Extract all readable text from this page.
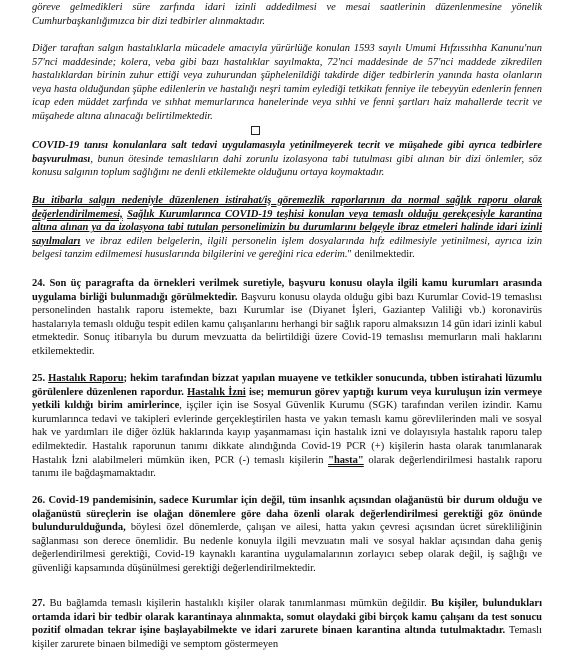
göreve gelmedikleri süre zarfında idari izinli addedilmesi ve mesai saatlerinin düzenlenmesine yönelik Cumhurbaşkanlığımızca bir dizi tedbirler alınmaktadır.

Diğer taraftan salgın hastalıklarla mücadele amacıyla yürürlüğe konulan 1593 sayılı Umumi Hıfzıssıhha Kanunu'nun 57'nci maddesinde; kolera, veba gibi bazı hastalıklar sayılmakta, 72'nci maddesinde de 57'nci maddede zikredilen hastalıklardan birinin zuhur ettiği veya zuhurundan şüphelenildiği takdirde diğer tedbirlerin yanında hasta olanların veya hasta olduğundan şüphe edilenlerin ve hastalığı neşri tamim eylediği tetkikatı fenniye ile tebeyyün edenlerin fennen icap eden müddet zarfında ve sıhhat memurlarınca hanelerinde veya sıhhi ve fenni şartları haiz mahallerde tecrit ve müşahede altına alınacağı belirtilmektedir.

COVID-19 tanısı konulanlara salt tedavi uygulamasıyla yetinilmeyerek tecrit ve müşahede gibi ayrıca tedbirlere başvurulması, bunun ötesinde temaslıların dahi zorunlu izolasyona tabi tutulması gibi alınan bir dizi önlemler, söz konusu salgının toplum sağlığını ne denli etkilemekte olduğunu ortaya koymaktadır.

Bu itibarla salgın nedeniyle düzenlenen istirahat/iş göremezlik raporlarının da normal sağlık raporu olarak değerlendirilmemesi, Sağlık Kurumlarınca COVID-19 teşhisi konulan veya temaslı olduğu gerekçesiyle karantina altına alınan ya da izolasyona tabi tutulan personelimizin bu durumlarını belgeyle ibraz etmeleri halinde idari izinli sayılmaları ve ibraz edilen belgelerin, ilgili personelin işlem dosyalarında hıfz edilmesiyle yetinilmesi, ayrıca izin belgesi tanzim edilmemesi hususlarında bilgilerini ve gereğini rica ederim." denilmektedir.

24. Son üç paragrafta da örnekleri verilmek suretiyle, başvuru konusu olayla ilgili kamu kurumları arasında uygulama birliği bulunmadığı görülmektedir. Başvuru konusu olayda olduğu gibi bazı Kurumlar Covid-19 temaslısı personelinden hastalık raporu istemekte, bazı Kurumlar ise (Diyanet İşleri, Gaziantep Valiliği vb.) koronavirüs hastalarıyla temaslı olduğu tespit edilen kamu çalışanlarını herhangi bir sağlık raporu almaksızın 14 gün idari izinli kabul etmektedir. Sonuç itibarıyla bu durum mevzuatta da belirtildiği üzere Covid-19 temaslısı memurların mali haklarını etkilemektedir.

25. Hastalık Raporu; hekim tarafından bizzat yapılan muayene ve tetkikler sonucunda, tıbben istirahati lüzumlu görülenlere düzenlenen rapordur. Hastalık İzni ise; memurun görev yaptığı kurum veya kuruluşun izin vermeye yetkili kıldığı birim amirlerince, işçiler için ise Sosyal Güvenlik Kurumu (SGK) tarafından verilen izindir. Kamu kurumlarınca tedavi ve takipleri evlerinde gerçekleştirilen hasta ve yakın temaslı kamu görevlilerinden mali ve sosyal hak ve yardımları ile diğer özlük haklarında kayıp yaşanmaması için hastalık izni ve dolayısıyla hastalık raporu talep edilmektedir. Hastalık raporunun tanımı dikkate alındığında Covid-19 PCR (+) kişilerin hasta olarak tanımlanarak Hastalık İzni alabilmeleri mümkün iken, PCR (-) temaslı kişilerin "hasta" olarak değerlendirilmesi hastalık raporu tanımı ile bağdaşmamaktadır.

26. Covid-19 pandemisinin, sadece Kurumlar için değil, tüm insanlık açısından olağanüstü bir durum olduğu ve olağanüstü süreçlerin ise olağan dönemlere göre daha özenli olarak değerlendirilmesi gerektiği göz önünde bulundurulduğunda, böylesi özel dönemlerde, çalışan ve ailesi, hatta yakın çevresi açısından ücret sürekliliğinin sağlanması son derece önemlidir. Bu nedenle konuyla ilgili mevzuatın mali ve sosyal haklar açısından daha geniş değerlendirilmesi gerektiği, Covid-19 kaynaklı karantina uygulamalarının zorlayıcı sebep olarak değil, iş sağlığı ve güvenliği kapsamında düşünülmesi gerektiği değerlendirilmektedir.

27. Bu bağlamda temaslı kişilerin hastalıklı kişiler olarak tanımlanması mümkün değildir. Bu kişiler, bulundukları ortamda idari bir tedbir olarak karantinaya alınmakta, somut olaydaki gibi birçok kamu çalışanı da test sonucu pozitif olmadan tekrar işine başlayabilmekte ve idari zarurete binaen karantina altında tutulmaktadır. Temaslı kişiler zarurete binaen bilmediği ve semptom göstermeyen
